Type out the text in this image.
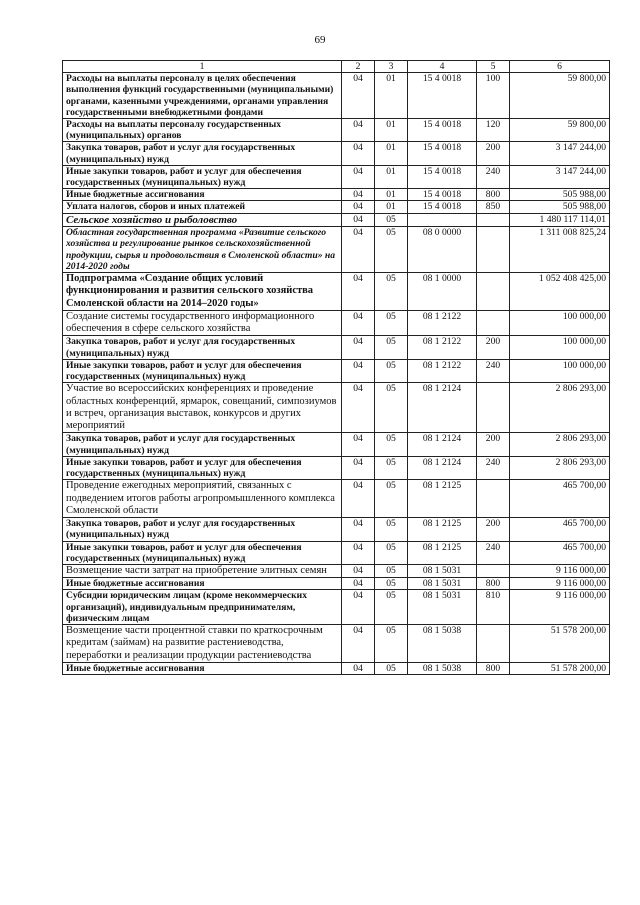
69
1	2	3	4	5	6
Расходы на выплаты персоналу в целях обеспечения выполнения функций государственными (муниципальными) органами, казенными учреждениями, органами управления государственными внебюджетными фондами	04	01	15 4 0018	100	59 800,00
Расходы на выплаты персоналу государственных (муниципальных) органов	04	01	15 4 0018	120	59 800,00
Закупка товаров, работ и услуг для государственных (муниципальных) нужд	04	01	15 4 0018	200	3 147 244,00
Иные закупки товаров, работ и услуг для обеспечения государственных (муниципальных) нужд	04	01	15 4 0018	240	3 147 244,00
Иные бюджетные ассигнования	04	01	15 4 0018	800	505 988,00
Уплата налогов, сборов и иных платежей	04	01	15 4 0018	850	505 988,00
Сельское хозяйство и рыболовство	04	05			1 480 117 114,01
Областная государственная программа «Развитие сельского хозяйства и регулирование рынков сельскохозяйственной продукции, сырья и продовольствия в Смоленской области» на 2014-2020 годы	04	05	08 0 0000		1 311 008 825,24
Подпрограмма «Создание общих условий функционирования и развития сельского хозяйства Смоленской области на 2014–2020 годы»	04	05	08 1 0000		1 052 408 425,00
Создание системы государственного информационного обеспечения в сфере сельского хозяйства	04	05	08 1 2122		100 000,00
Закупка товаров, работ и услуг для государственных (муниципальных) нужд	04	05	08 1 2122	200	100 000,00
Иные закупки товаров, работ и услуг для обеспечения государственных (муниципальных) нужд	04	05	08 1 2122	240	100 000,00
Участие во всероссийских конференциях и проведение областных конференций, ярмарок, совещаний, симпозиумов и встреч, организация выставок, конкурсов и других мероприятий	04	05	08 1 2124		2 806 293,00
Закупка товаров, работ и услуг для государственных (муниципальных) нужд	04	05	08 1 2124	200	2 806 293,00
Иные закупки товаров, работ и услуг для обеспечения государственных (муниципальных) нужд	04	05	08 1 2124	240	2 806 293,00
Проведение ежегодных мероприятий, связанных с подведением итогов работы агропромышленного комплекса Смоленской области	04	05	08 1 2125		465 700,00
Закупка товаров, работ и услуг для государственных (муниципальных) нужд	04	05	08 1 2125	200	465 700,00
Иные закупки товаров, работ и услуг для обеспечения государственных (муниципальных) нужд	04	05	08 1 2125	240	465 700,00
Возмещение части затрат на приобретение элитных семян	04	05	08 1 5031		9 116 000,00
Иные бюджетные ассигнования	04	05	08 1 5031	800	9 116 000,00
Субсидии юридическим лицам (кроме некоммерческих организаций), индивидуальным предпринимателям, физическим лицам	04	05	08 1 5031	810	9 116 000,00
Возмещение части процентной ставки по краткосрочным кредитам (займам) на развитие растениеводства, переработки и реализации продукции растениеводства	04	05	08 1 5038		51 578 200,00
Иные бюджетные ассигнования	04	05	08 1 5038	800	51 578 200,00
